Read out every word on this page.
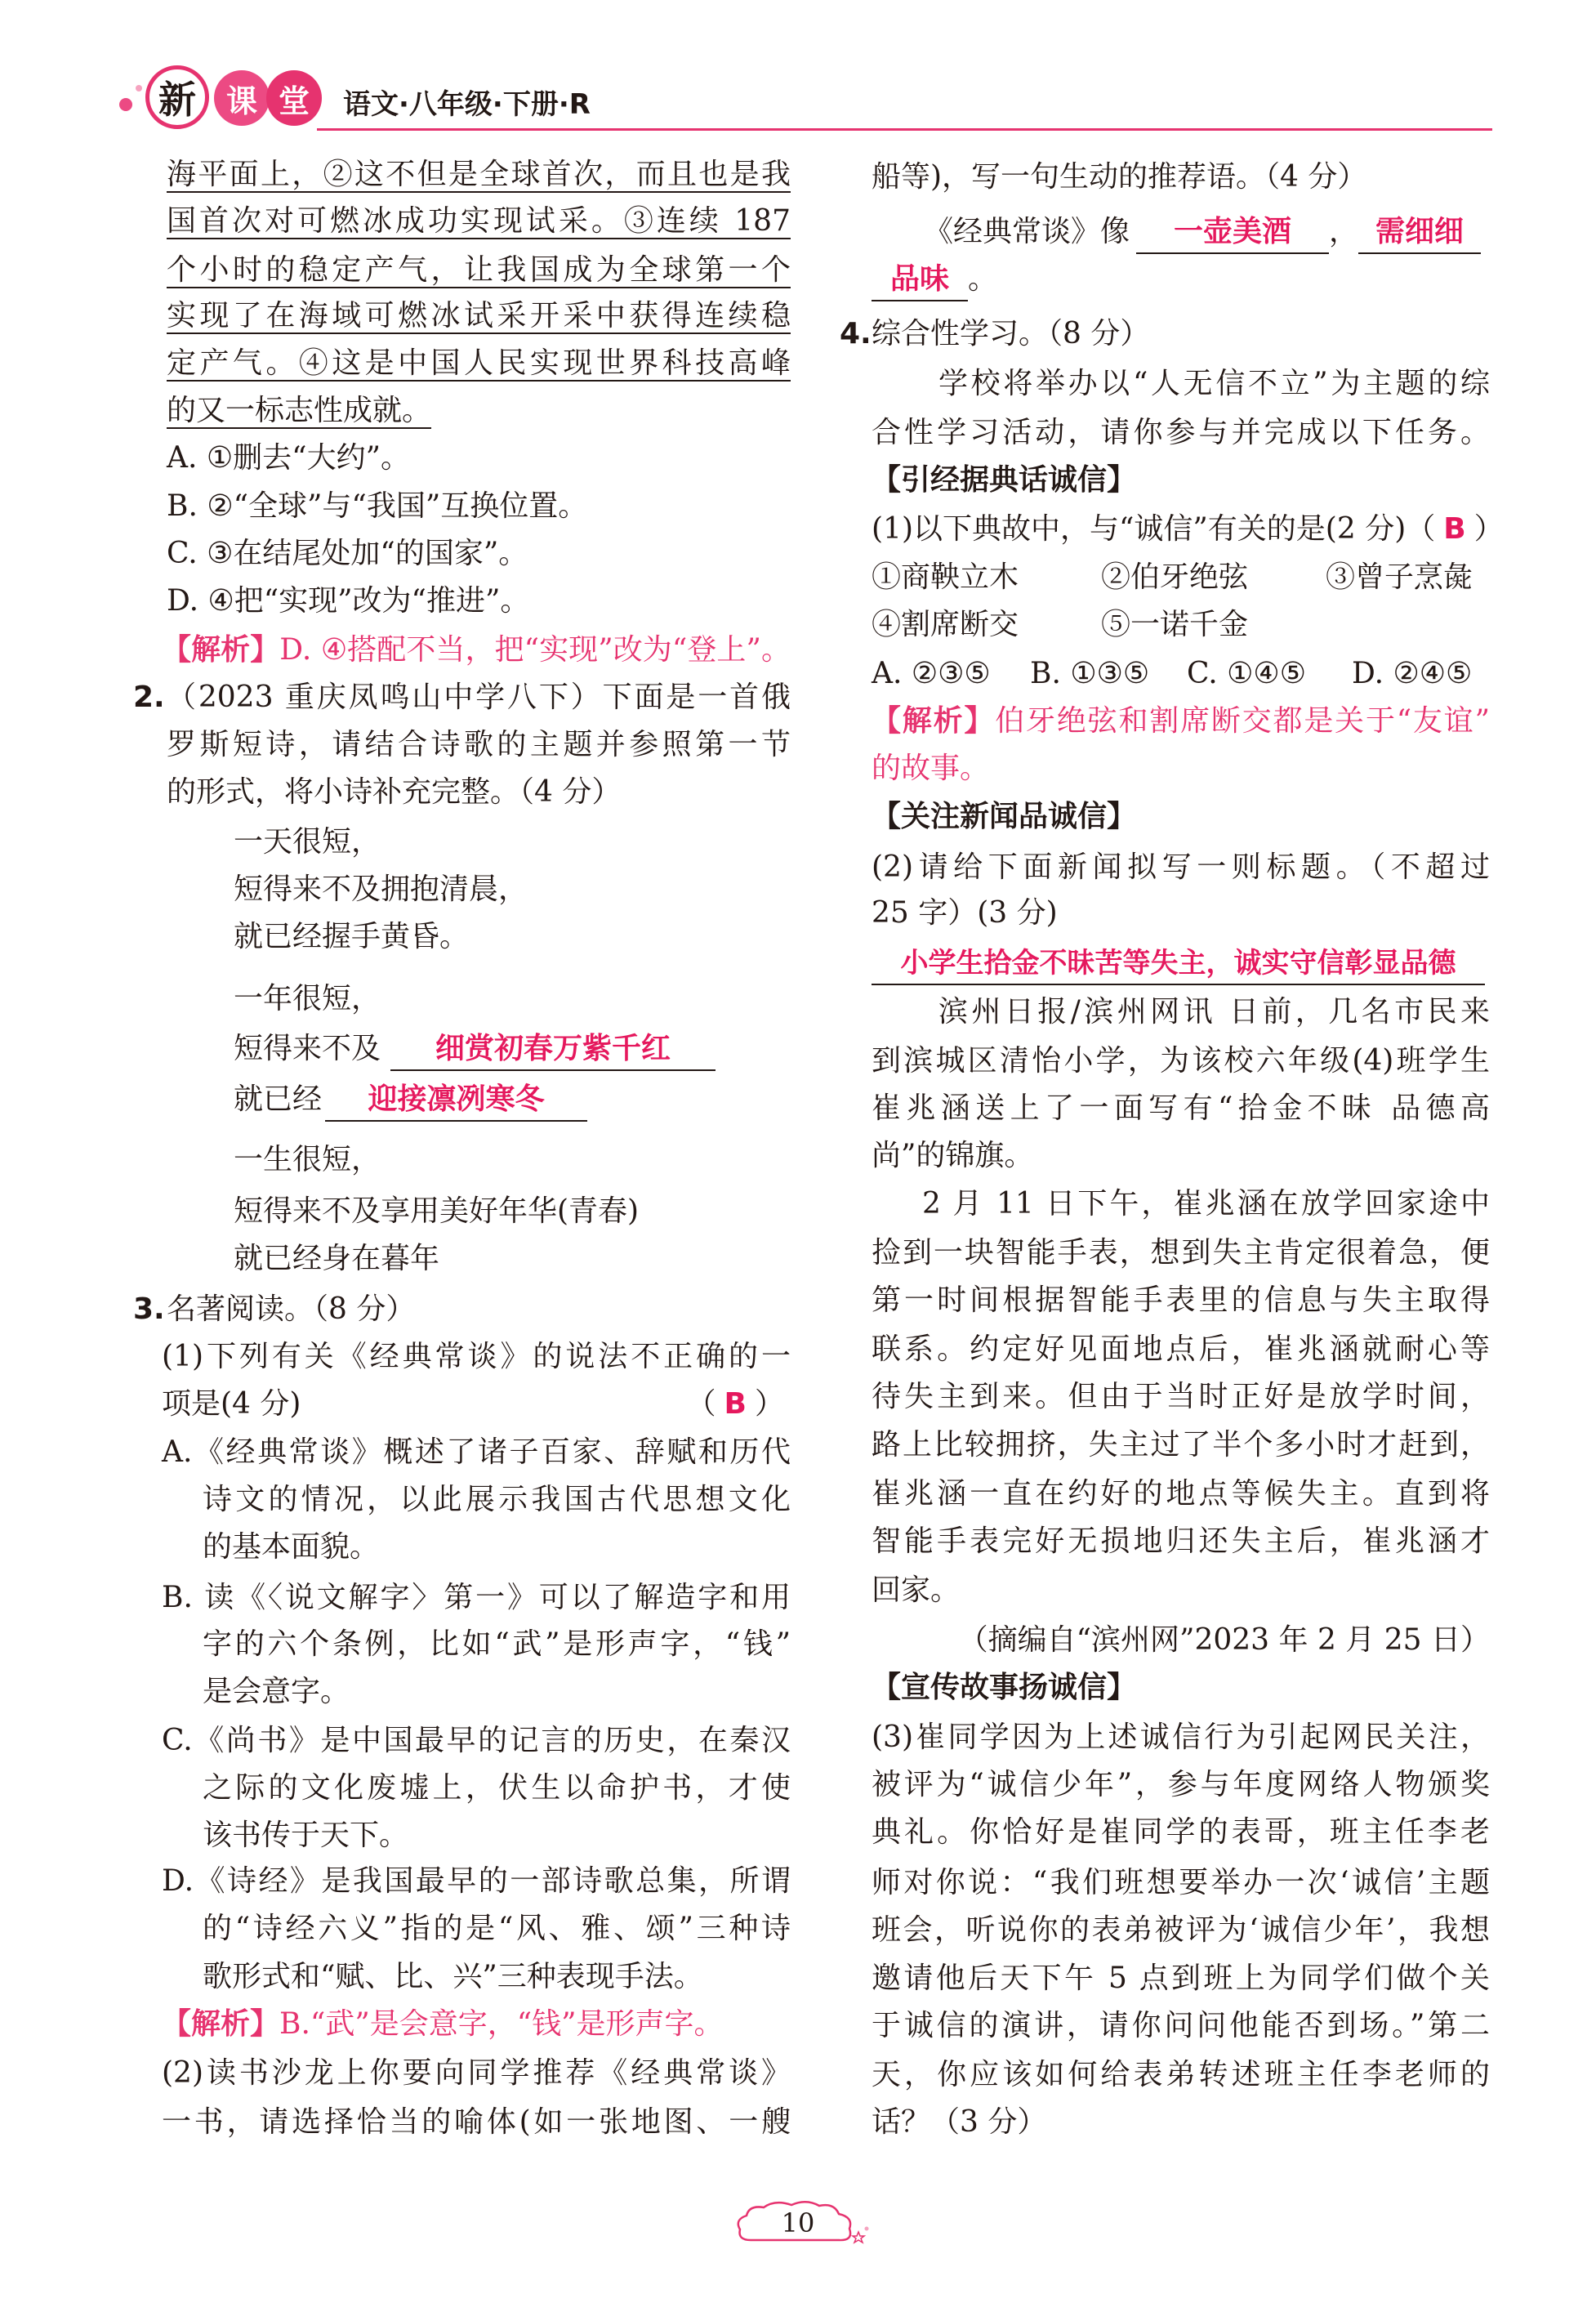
新 课 堂	语文·八年级·下册·R
海平面上，②这不但是全球首次，而且也是我
国首次对可燃冰成功实现试采。③连续 187
个小时的稳定产气，让我国成为全球第一个
实现了在海域可燃冰试采开采中获得连续稳
定产气。④这是中国人民实现世界科技高峰
的又一标志性成就。
A. ①删去“大约”。
B. ②“全球”与“我国”互换位置。
C. ③在结尾处加“的国家”。
D. ④把“实现”改为“推进”。
【解析】D. ④搭配不当，把“实现”改为“登上”。
2. （2023 重庆凤鸣山中学八下）下面是一首俄
罗斯短诗，请结合诗歌的主题并参照第一节
的形式，将小诗补充完整。（4 分）
一天很短，
短得来不及拥抱清晨，
就已经握手黄昏。
一年很短，
短得来不及 细赏初春万紫千红
就已经 迎接凛冽寒冬
一生很短，
短得来不及享用美好年华(青春)
就已经身在暮年
3. 名著阅读。（8 分）
(1)下列有关《经典常谈》的说法不正确的一
项是(4 分)	（ B ）
A.《经典常谈》概述了诸子百家、辞赋和历代
诗文的情况，以此展示我国古代思想文化
的基本面貌。
B. 读《〈说文解字〉第一》可以了解造字和用
字的六个条例，比如“武”是形声字，“钱”
是会意字。
C.《尚书》是中国最早的记言的历史，在秦汉
之际的文化废墟上，伏生以命护书，才使
该书传于天下。
D.《诗经》是我国最早的一部诗歌总集，所谓
的“诗经六义”指的是“风、雅、颂”三种诗
歌形式和“赋、比、兴”三种表现手法。
【解析】B.“武”是会意字，“钱”是形声字。
(2)读书沙龙上你要向同学推荐《经典常谈》
一书，请选择恰当的喻体(如一张地图、一艘
船等)，写一句生动的推荐语。（4 分）
《经典常谈》像 一壶美酒 ， 需细细
品味 。
4. 综合性学习。（8 分）
学校将举办以“人无信不立”为主题的综
合性学习活动，请你参与并完成以下任务。
【引经据典话诚信】
(1)以下典故中，与“诚信”有关的是(2 分)（ B ）
①商鞅立木	②伯牙绝弦	③曾子烹彘
④割席断交	⑤一诺千金
A. ②③⑤ B. ①③⑤ C. ①④⑤ D. ②④⑤
【解析】伯牙绝弦和割席断交都是关于“友谊”
的故事。
【关注新闻品诚信】
(2)请给下面新闻拟写一则标题。（不超过
25 字）(3 分)
小学生拾金不昧苦等失主，诚实守信彰显品德
滨州日报/滨州网讯 日前，几名市民来
到滨城区清怡小学，为该校六年级(4)班学生
崔兆涵送上了一面写有“拾金不昧 品德高
尚”的锦旗。
2 月 11 日下午，崔兆涵在放学回家途中
捡到一块智能手表，想到失主肯定很着急，便
第一时间根据智能手表里的信息与失主取得
联系。约定好见面地点后，崔兆涵就耐心等
待失主到来。但由于当时正好是放学时间，
路上比较拥挤，失主过了半个多小时才赶到，
崔兆涵一直在约好的地点等候失主。直到将
智能手表完好无损地归还失主后，崔兆涵才
回家。
（摘编自“滨州网”2023 年 2 月 25 日）
【宣传故事扬诚信】
(3)崔同学因为上述诚信行为引起网民关注，
被评为“诚信少年”，参与年度网络人物颁奖
典礼。你恰好是崔同学的表哥，班主任李老
师对你说：“我们班想要举办一次‘诚信’主题
班会，听说你的表弟被评为‘诚信少年’，我想
邀请他后天下午 5 点到班上为同学们做个关
于诚信的演讲，请你问问他能否到场。”第二
天，你应该如何给表弟转述班主任李老师的
话？（3 分）
10
